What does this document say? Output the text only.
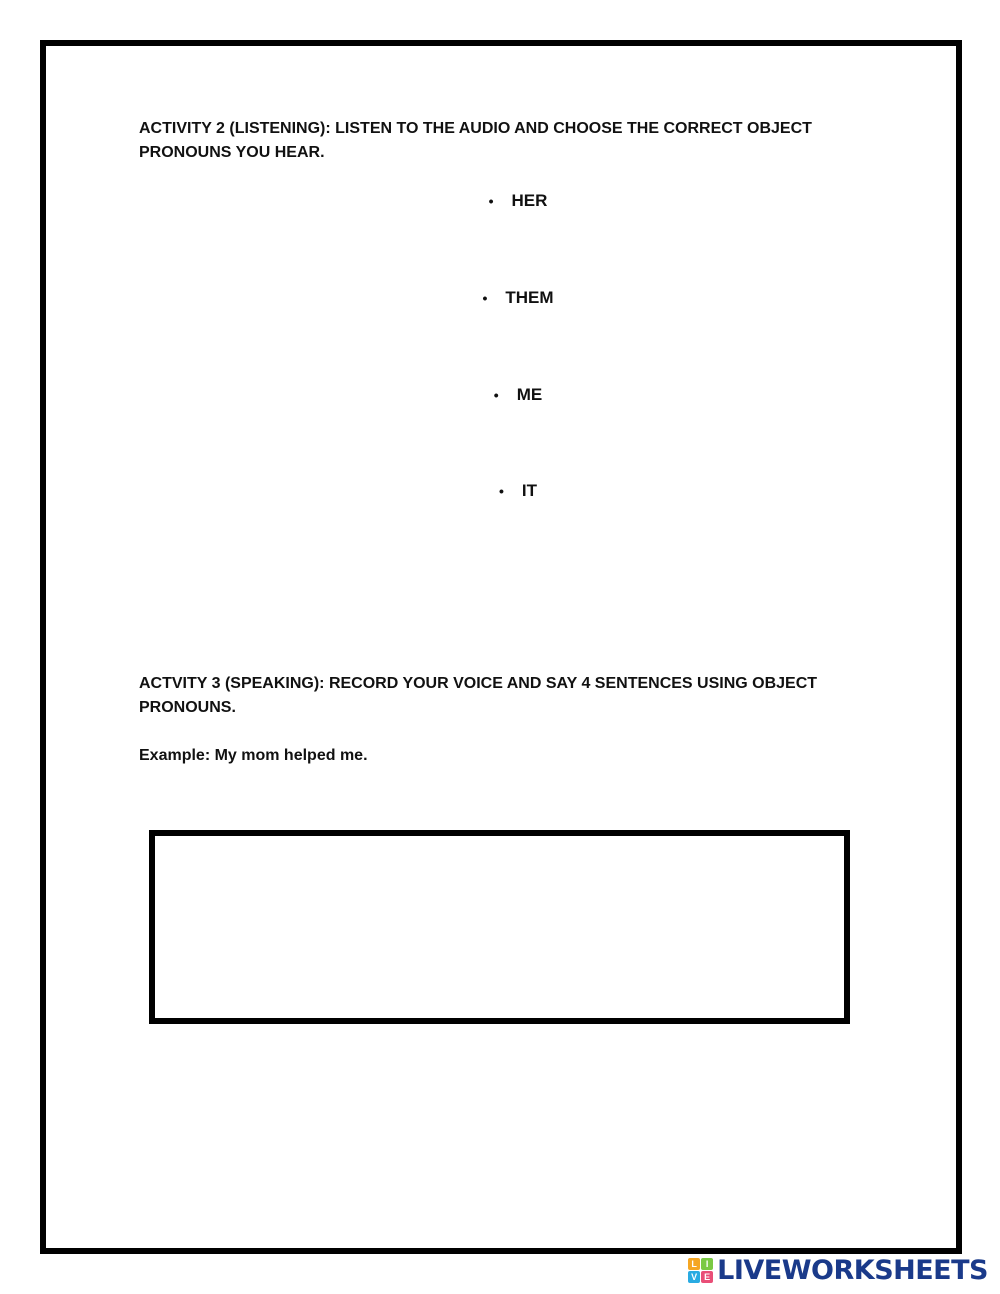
ACTIVITY 2 (LISTENING): LISTEN TO THE AUDIO AND CHOOSE THE CORRECT OBJECT PRONOUNS YOU HEAR.

• HER
• THEM
• ME
• IT

ACTVITY 3 (SPEAKING): RECORD YOUR VOICE AND SAY 4 SENTENCES USING OBJECT PRONOUNS.

Example: My mom helped me.

L I
V E LIVEWORKSHEETS
